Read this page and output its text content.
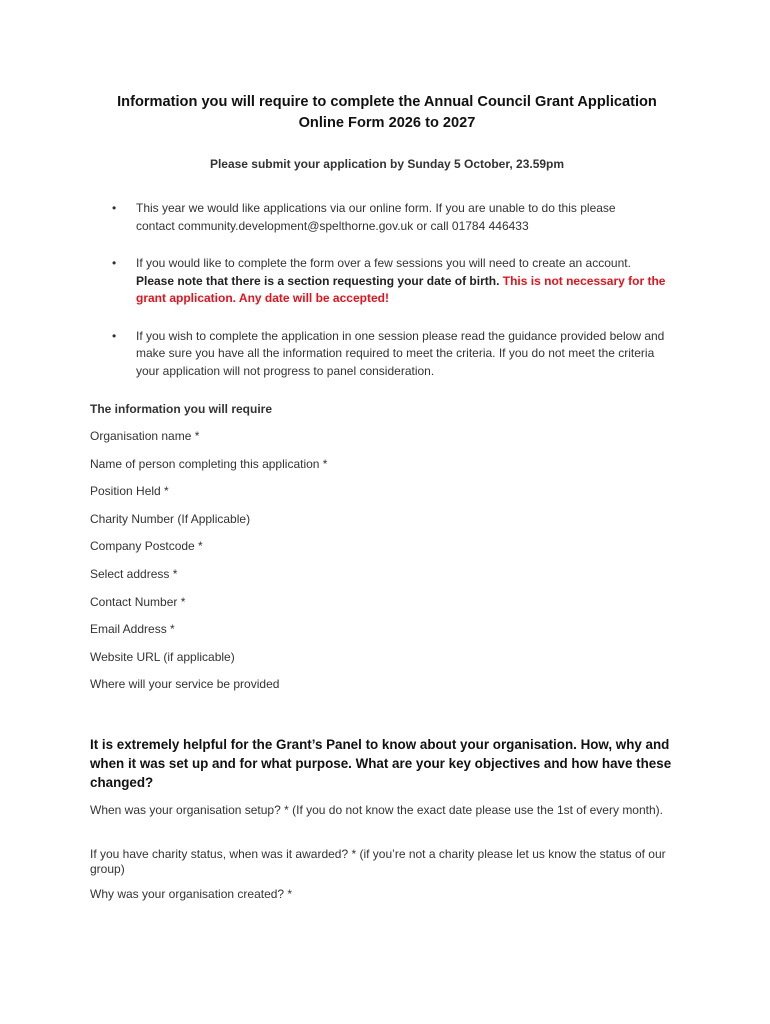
Information you will require to complete the Annual Council Grant Application
Online Form 2026 to 2027
Please submit your application by Sunday 5 October, 23.59pm
• This year we would like applications via our online form. If you are unable to do this please
contact community.development@spelthorne.gov.uk or call 01784 446433
• If you would like to complete the form over a few sessions you will need to create an account. Please note that there is a section requesting your date of birth. This is not necessary for the grant application. Any date will be accepted!
• If you wish to complete the application in one session please read the guidance provided below and make sure you have all the information required to meet the criteria. If you do not meet the criteria your application will not progress to panel consideration.
The information you will require
Organisation name *
Name of person completing this application *
Position Held *
Charity Number (If Applicable)
Company Postcode *
Select address *
Contact Number *
Email Address *
Website URL (if applicable)
Where will your service be provided
It is extremely helpful for the Grant’s Panel to know about your organisation. How, why and when it was set up and for what purpose. What are your key objectives and how have these changed?
When was your organisation setup? * (If you do not know the exact date please use the 1st of every month).
If you have charity status, when was it awarded? * (if you’re not a charity please let us know the status of our group)
Why was your organisation created? *
